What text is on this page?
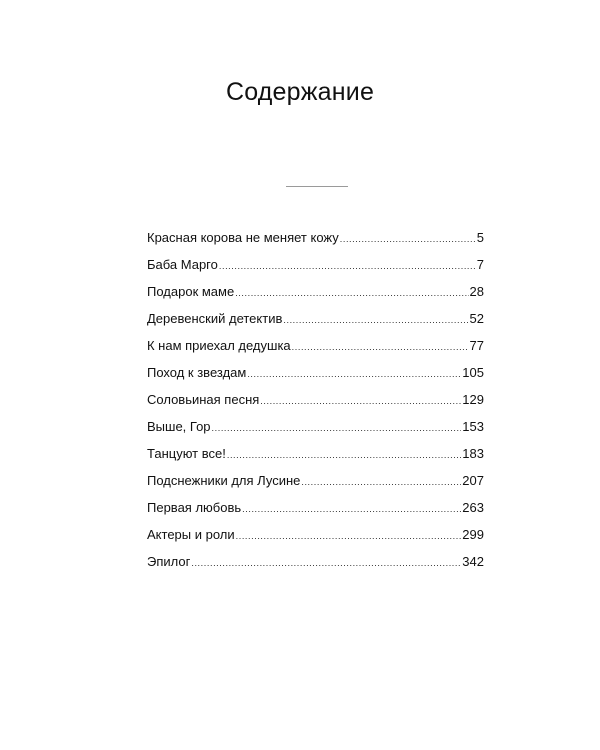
Содержание
Красная корова не меняет кожу .....	5
Баба Марго .....	7
Подарок маме .....	28
Деревенский детектив .....	52
К нам приехал дедушка .....	77
Поход к звездам .....	105
Соловьиная песня .....	129
Выше, Гор .....	153
Танцуют все! .....	183
Подснежники для Лусине .....	207
Первая любовь .....	263
Актеры и роли .....	299
Эпилог .....	342
